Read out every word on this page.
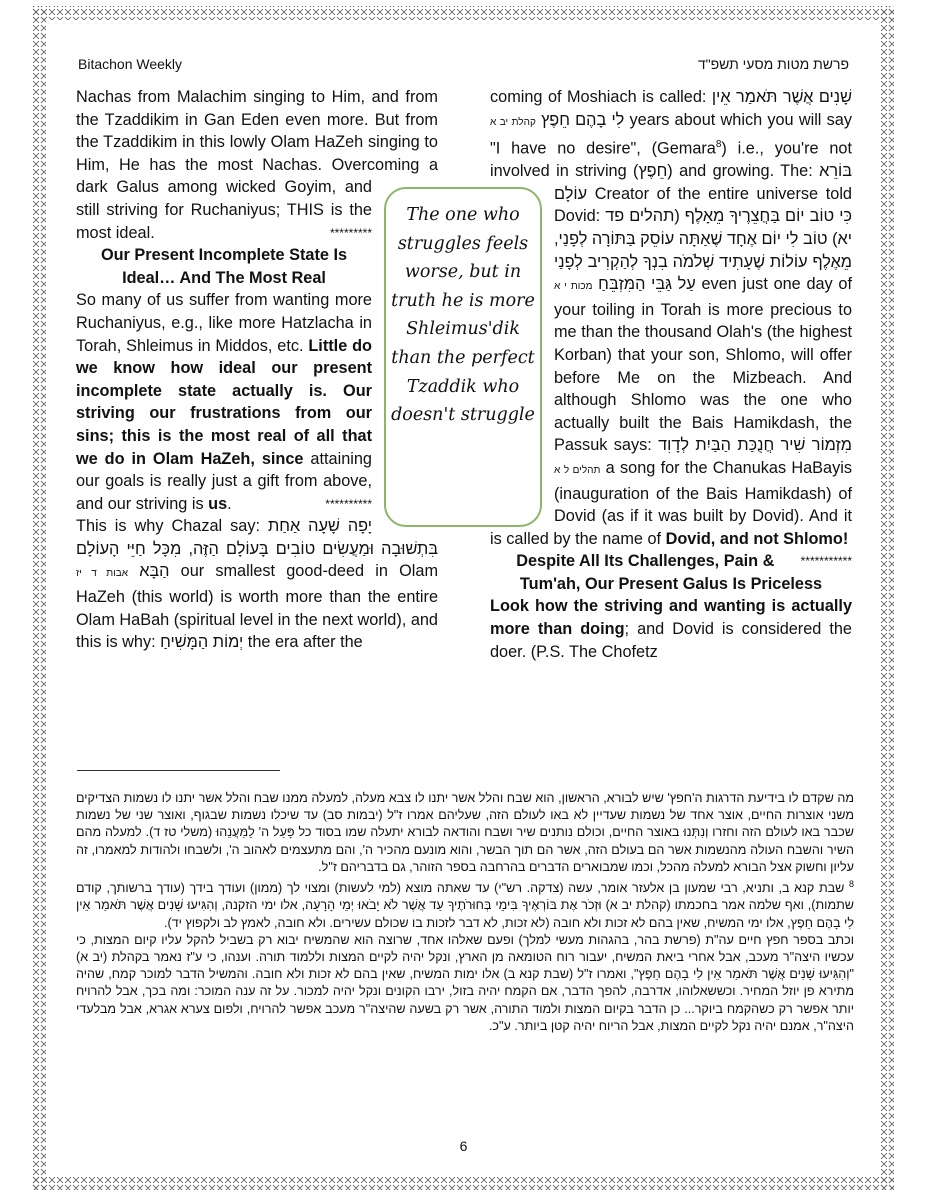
Bitachon Weekly	פרשת מטות מסעי תשפ"ד

Nachas from Malachim singing to Him, and from the Tzaddikim in Gan Eden even more. But from the Tzaddikim in this lowly Olam HaZeh singing to Him, He has the most Nachas. Overcoming a dark Galus among wicked Goyim, and still striving for Ruchaniyus; THIS is the most ideal.	*********

Our Present Incomplete State Is Ideal… And The Most Real

So many of us suffer from wanting more Ruchaniyus, e.g., like more Hatzlacha in Torah, Shleimus in Middos, etc. Little do we know how ideal our present incomplete state actually is. Our striving our frustrations from our sins; this is the most real of all that we do in Olam HaZeh, since attaining our goals is really just a gift from above, and our striving is us.	**********

This is why Chazal say: יָפָה שָׁעָה אַחַת בִּתְשׁוּבָה וּמַעֲשִׂים טוֹבִים בָּעוֹלָם הַזֶּה, מִכָּל חַיֵּי הָעוֹלָם הַבָּא אבות ד יז	our smallest good-deed in Olam HaZeh (this world) is worth more than the entire Olam HaBah (spiritual level in the next world), and this is why: יְמוֹת הַמָּשִׁיחַ the era after the

coming of Moshiach is called: שָׁנִים אֲשֶׁר תֹּאמַר אֵין לִי בָהֶם חֵפֶץ קהלת יב א	years about which you will say "I have no desire", (Gemara$^8$) i.e., you're not involved in striving (חֵפֶץ) and growing. The: בּוֹרֵא עוֹלָם Creator of the entire universe told Dovid: כִּי טוֹב יוֹם בַּחֲצֵרֶיךָ מֵאָלֶף (תהלים פד יא) טוֹב לִי יוֹם אֶחָד שֶׁאַתָּה עוֹסֵק בַּתּוֹרָה לְפָנַי, מֵאֶלֶף עוֹלוֹת שֶׁעָתִיד שְׁלֹמֹה בִנְךָ לְהַקְרִיב לְפָנַי עַל גַּבֵּי הַמִּזְבֵּחַ מכות י א	even just one day of your toiling in Torah is more precious to me than the thousand Olah's (the highest Korban) that your son, Shlomo, will offer before Me on the Mizbeach. And although Shlomo was the one who actually built the Bais Hamikdash, the Passuk says: מִזְמוֹר שִׁיר חֲנֻכַּת הַבַּיִת לְדָוִד תהלים ל א a song for the Chanukas HaBayis (inauguration of the Bais Hamikdash) of Dovid (as if it was built by Dovid). And it is called by the name of Dovid, and not Shlomo!
***********

Despite All Its Challenges, Pain & Tum'ah, Our Present Galus Is Priceless

Look how the striving and wanting is actually more than doing; and Dovid is considered the doer. (P.S. The Chofetz

The one who struggles feels worse, but in truth he is more Shleimus'dik than the perfect Tzaddik who doesn't struggle

מה שקדם לו בידיעת הדרגות ה'חפץ' שיש לבורא, הראשון, הוא שבח והלל אשר יתנו לו צבא מעלה, למעלה ממנו שבח והלל אשר יתנו לו נשמות הצדיקים משני אוצרות החיים, אוצר אחד של נשמות שעדיין לא באו לעולם הזה, שעליהם אמרו ז"ל (יבמות סב) עד שיכלו נשמות שבגוף, ואוצר שני של נשמות שכבר באו לעולם הזה וחזרו וְנִתְּנוּ באוצר החיים, וכולם נותנים שיר ושבח והודאה לבורא יתעלה שמו בסוד כל פָּעַל ה' לַמַּעֲנֵהוּ (משלי טז ד). למעלה מהם השיר והשבח העולה מהנשמות אשר הם בעולם הזה, אשר הם תוך הבשר, והוא מונעם מהכיר ה', והם מתעצמים לאהוב ה', ולשבחו ולהודות למאמרו, זה עליון וחשוק אצל הבורא למעלה מהכל, וכמו שמבוארים הדברים בהרחבה בספר הזוהר, גם בדבריהם ז"ל.

$^8$ שבת קנא ב, ותניא, רבי שמעון בן אלעזר אומר, עשה (צדקה. רש"י) עד שאתה מוצא (למי לעשות) ומצוי לך (ממון) ועודך בידך (עודך ברשותך, קודם שתמות), ואף שלמה אמר בחכמתו (קהלת יב א) וּזְכֹר אֶת בּוֹרְאֶיךָ בִּימֵי בְּחוּרֹתֶיךָ עַד אֲשֶׁר לֹא יָבֹאוּ יְמֵי הָרָעָה, אלו ימי הזקנה, וְהִגִּיעוּ שָׁנִים אֲשֶׁר תֹּאמַר אֵין לִי בָהֶם חֵפֶץ, אלו ימי המשיח, שאין בהם לא זכות ולא חובה (לא זכות, לא דבר לזכות בו שכולם עשירים. ולא חובה, לאמץ לב ולקפוץ יד).

וכתב בספר חפץ חיים עה"ת (פרשת בהר, בהגהות מעשי למלך) ופעם שאלהו אחד, שרוצה הוא שהמשיח יבוא רק בשביל להקל עליו קיום המצות, כי עכשיו היצה"ר מעכב, אבל אחרי ביאת המשיח, יעבור רוח הטומאה מן הארץ, ונקל יהיה לקיים המצות וללמוד תורה. וענהו, כי ע"ז נאמר בקהלת (יב א) "וְהִגִּיעוּ שָׁנִים אֲשֶׁר תֹּאמַר אֵין לִי בָהֶם חֵפֶץ", ואמרו ז"ל (שבת קנא ב) אלו ימות המשיח, שאין בהם לא זכות ולא חובה. והמשיל הדבר למוכר קמח, שהיה מתירא פן יוזל המחיר. וכששאלוהו, אדרבה, להפך הדבר, אם הקמח יהיה בזול, ירבו הקונים ונקל יהיה למכור. על זה ענה המוכר: ומה בכך, אבל להרויח יותר אפשר רק כשהקמח ביוקר... כן הדבר בקיום המצות ולמוד התורה, אשר רק בשעה שהיצה"ר מעכב אפשר להרויח, ולפום צערא אגרא, אבל מבלעדי היצה"ר, אמנם יהיה נקל לקיים המצות, אבל הריוח יהיה קטן ביותר. ע"כ.

6
